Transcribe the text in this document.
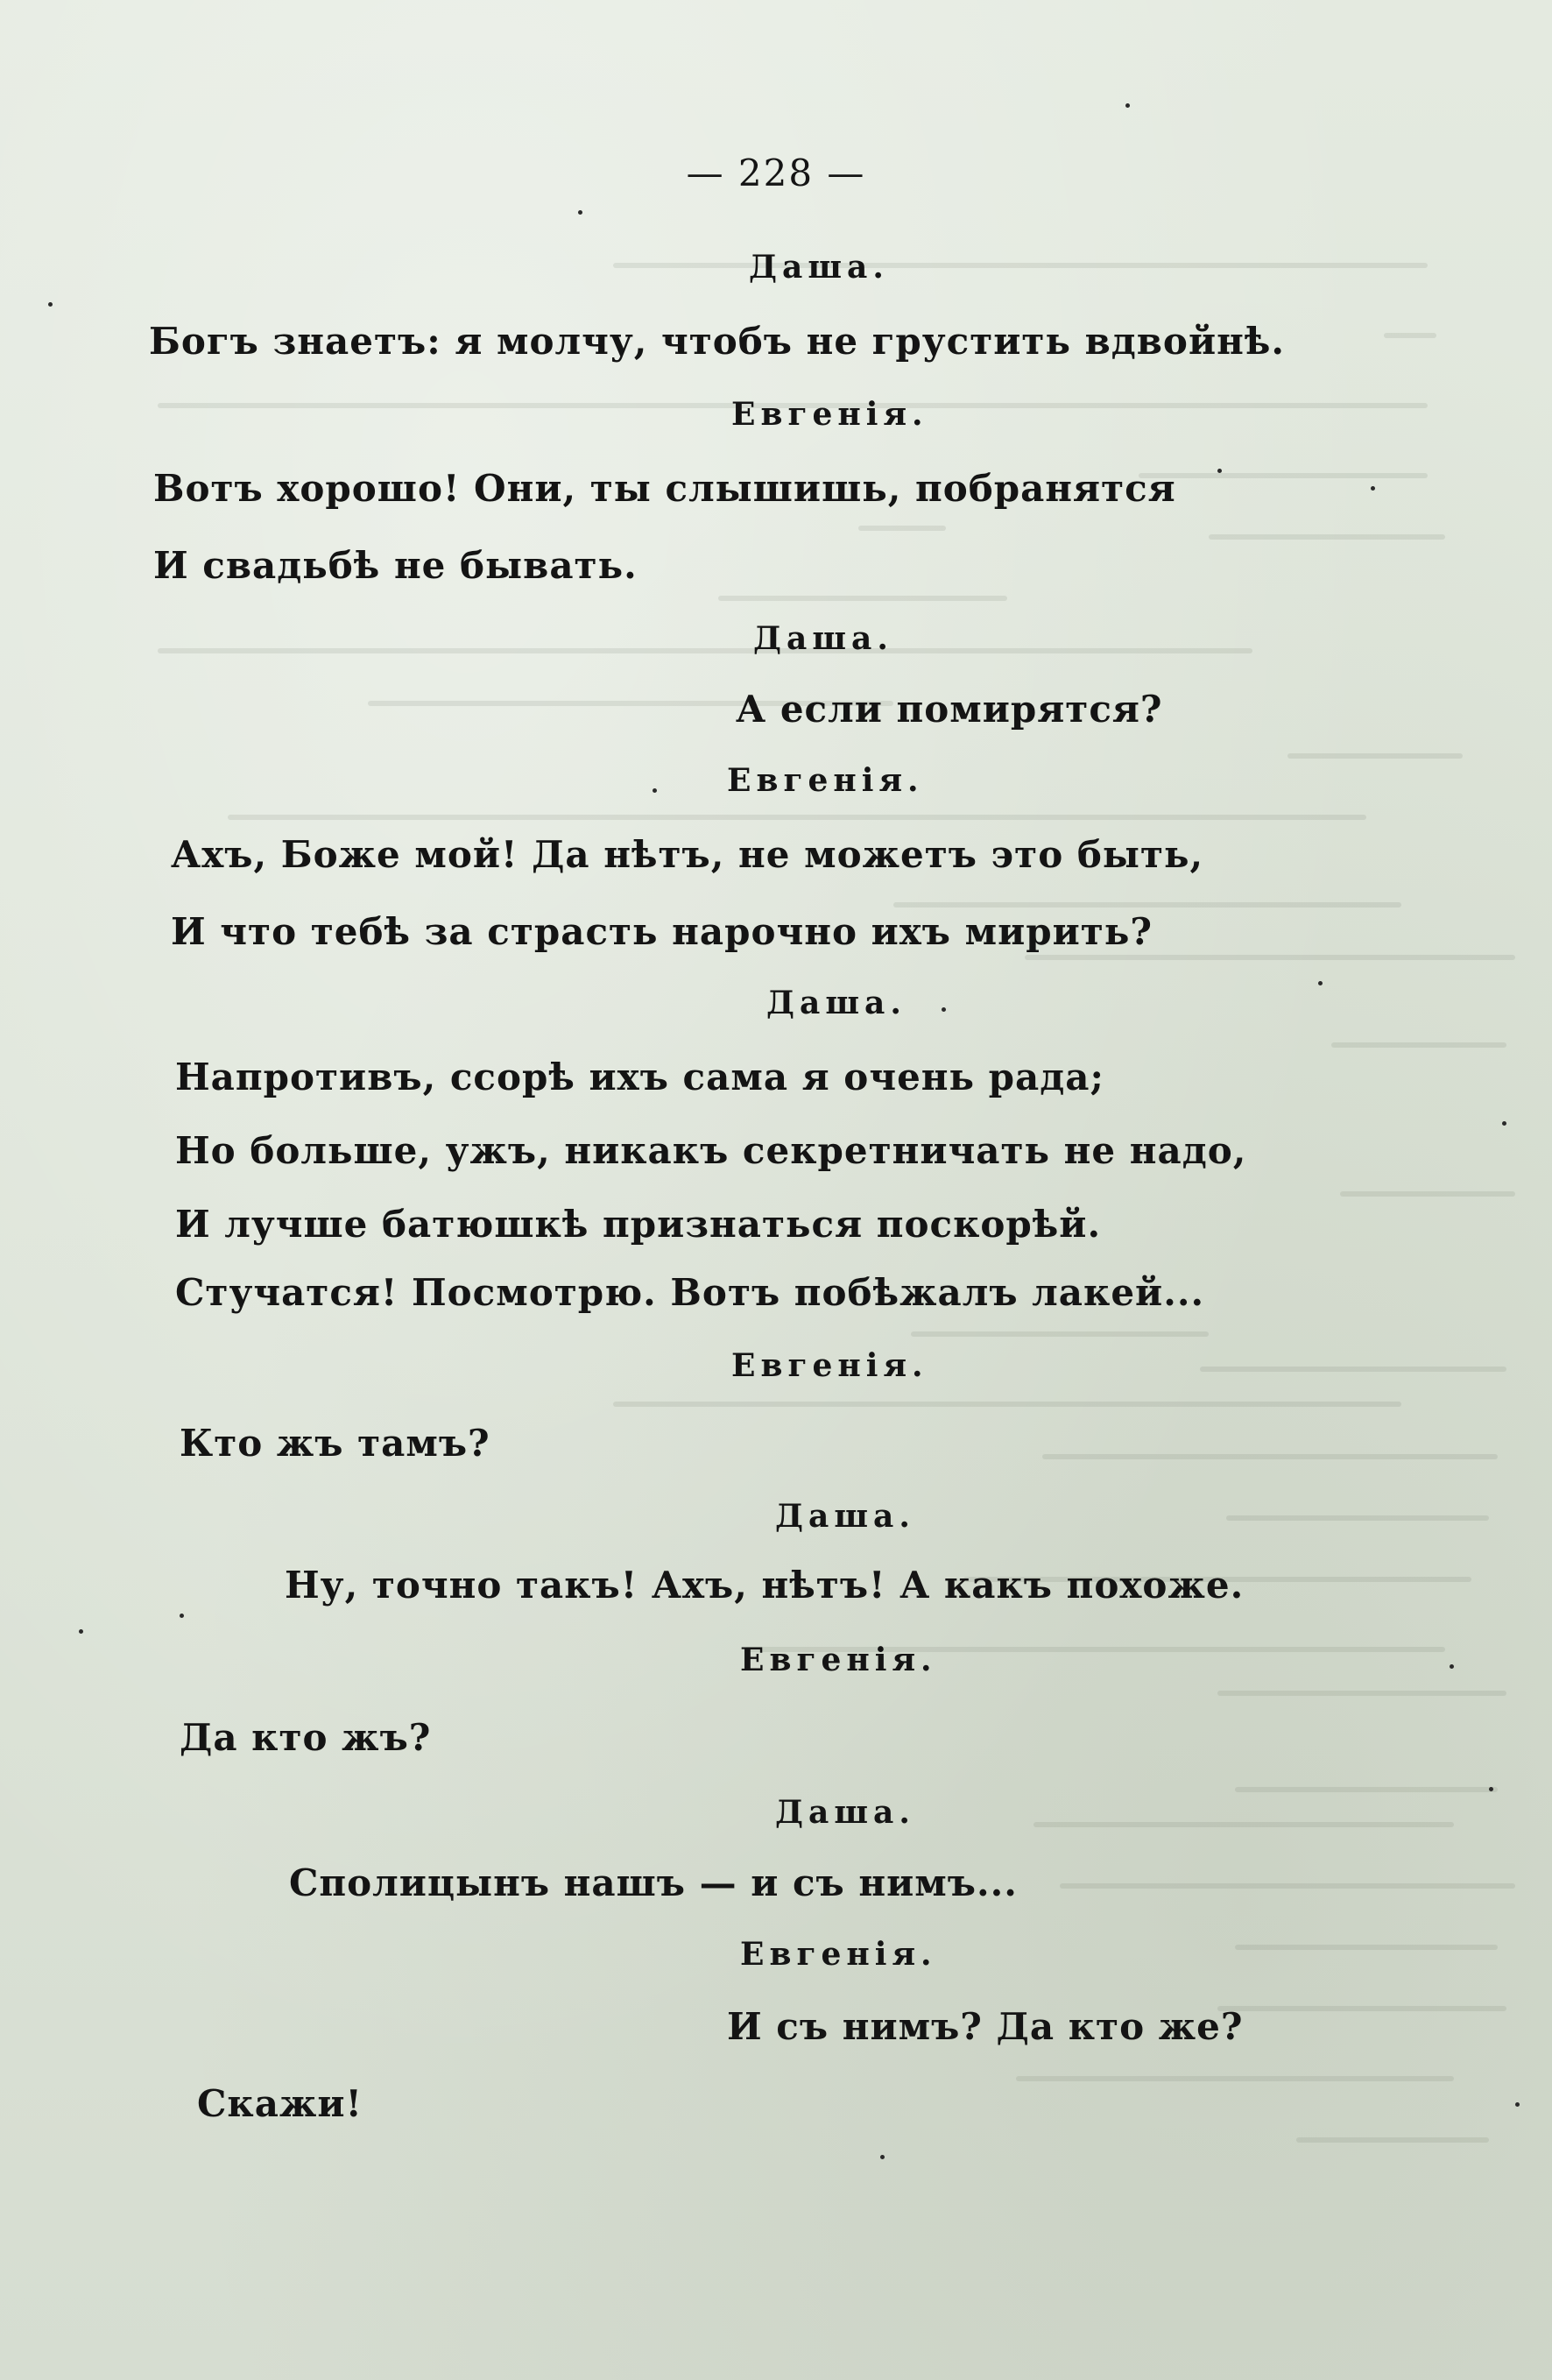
— 228 —
Даша.
Богъ знаетъ: я молчу, чтобъ не грустить вдвойнѣ.
Евгенія.
Вотъ хорошо! Они, ты слышишь, побранятся
И свадьбѣ не бывать.
Даша.
А если помирятся?
Евгенія.
Ахъ, Боже мой! Да нѣтъ, не можетъ это быть,
И что тебѣ за страсть нарочно ихъ мирить?
Даша.
Напротивъ, ссорѣ ихъ сама я очень рада;
Но больше, ужъ, никакъ секретничать не надо,
И лучше батюшкѣ признаться поскорѣй.
Стучатся! Посмотрю. Вотъ побѣжалъ лакей...
Евгенія.
Кто жъ тамъ?
Даша.
Ну, точно такъ! Ахъ, нѣтъ! А какъ похоже.
Евгенія.
Да кто жъ?
Даша.
Сполицынъ нашъ — и съ нимъ...
Евгенія.
И съ нимъ? Да кто же?
Скажи!
